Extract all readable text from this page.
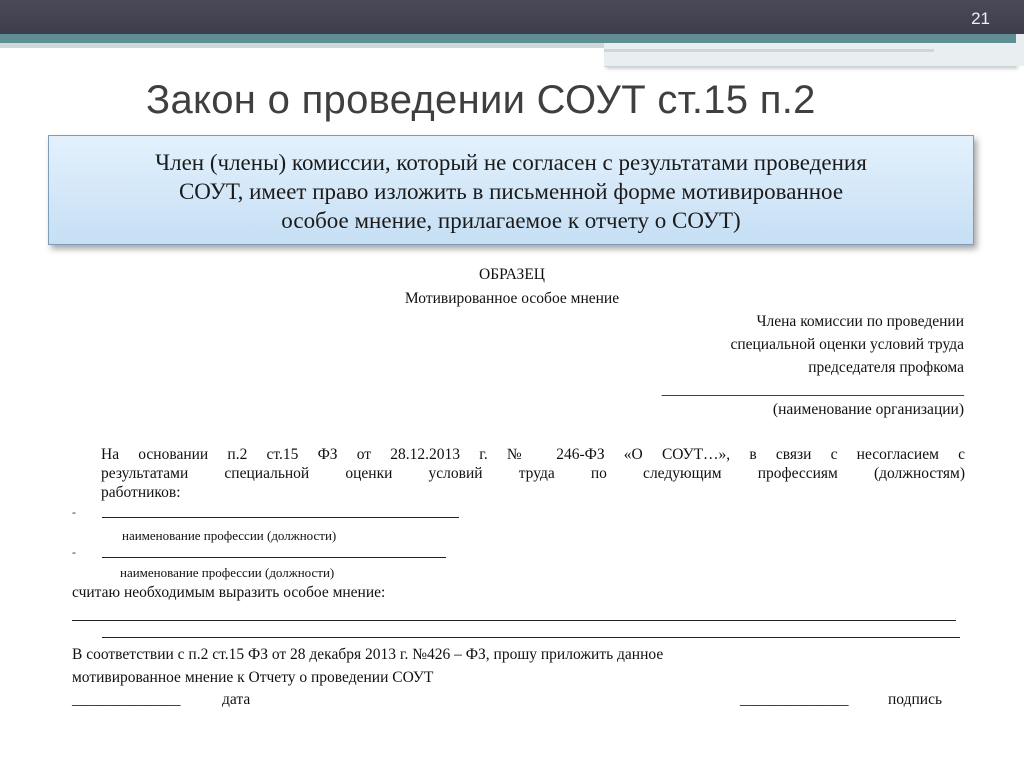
21
Закон о проведении СОУТ ст.15 п.2
Член (члены) комиссии, который не согласен с результатами проведения
СОУТ, имеет право изложить в письменной форме мотивированное
особое мнение, прилагаемое к отчету о СОУТ)
ОБРАЗЕЦ
Мотивированное особое мнение
Члена комиссии по проведении
специальной оценки условий труда
председателя профкома
_______________________________________
(наименование организации)
На основании п.2 ст.15 ФЗ от 28.12.2013 г. № 246-ФЗ «О СОУТ…», в связи с несогласием с
результатами специальной оценки условий труда по следующим профессиям (должностям)
работников:
-
наименование профессии (должности)
-
наименование профессии (должности)
считаю необходимым выразить особое мнение:
В соответствии с п.2 ст.15 ФЗ от 28 декабря 2013 г. №426 – ФЗ, прошу приложить данное
мотивированное мнение к Отчету о проведении СОУТ
______________	дата	______________	подпись
